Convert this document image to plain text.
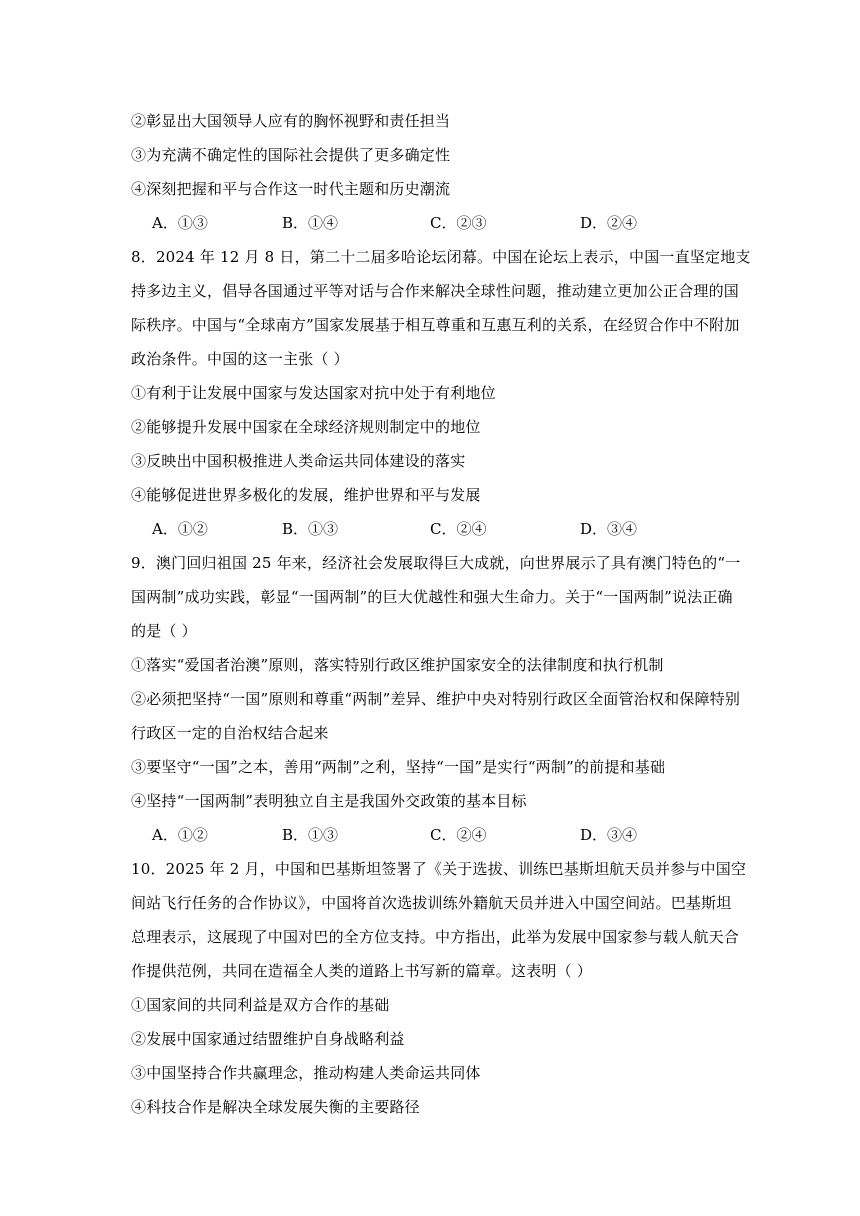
②彰显出大国领导人应有的胸怀视野和责任担当
③为充满不确定性的国际社会提供了更多确定性
④深刻把握和平与合作这一时代主题和历史潮流
A．①③	B．①④	C．②③	D．②④
8．2024 年 12 月 8 日，第二十二届多哈论坛闭幕。中国在论坛上表示，中国一直坚定地支
持多边主义，倡导各国通过平等对话与合作来解决全球性问题，推动建立更加公正合理的国
际秩序。中国与“全球南方”国家发展基于相互尊重和互惠互利的关系，在经贸合作中不附加
政治条件。中国的这一主张（ ）
①有利于让发展中国家与发达国家对抗中处于有利地位
②能够提升发展中国家在全球经济规则制定中的地位
③反映出中国积极推进人类命运共同体建设的落实
④能够促进世界多极化的发展，维护世界和平与发展
A．①②	B．①③	C．②④	D．③④
9．澳门回归祖国 25 年来，经济社会发展取得巨大成就，向世界展示了具有澳门特色的“一
国两制”成功实践，彰显“一国两制”的巨大优越性和强大生命力。关于“一国两制”说法正确
的是（ ）
①落实“爱国者治澳”原则，落实特别行政区维护国家安全的法律制度和执行机制
②必须把坚持“一国”原则和尊重“两制”差异、维护中央对特别行政区全面管治权和保障特别
行政区一定的自治权结合起来
③要坚守“一国”之本，善用“两制”之利，坚持“一国”是实行“两制”的前提和基础
④坚持“一国两制”表明独立自主是我国外交政策的基本目标
A．①②	B．①③	C．②④	D．③④
10．2025 年 2 月，中国和巴基斯坦签署了《关于选拔、训练巴基斯坦航天员并参与中国空
间站飞行任务的合作协议》，中国将首次选拔训练外籍航天员并进入中国空间站。巴基斯坦
总理表示，这展现了中国对巴的全方位支持。中方指出，此举为发展中国家参与载人航天合
作提供范例，共同在造福全人类的道路上书写新的篇章。这表明（ ）
①国家间的共同利益是双方合作的基础
②发展中国家通过结盟维护自身战略利益
③中国坚持合作共赢理念，推动构建人类命运共同体
④科技合作是解决全球发展失衡的主要路径
